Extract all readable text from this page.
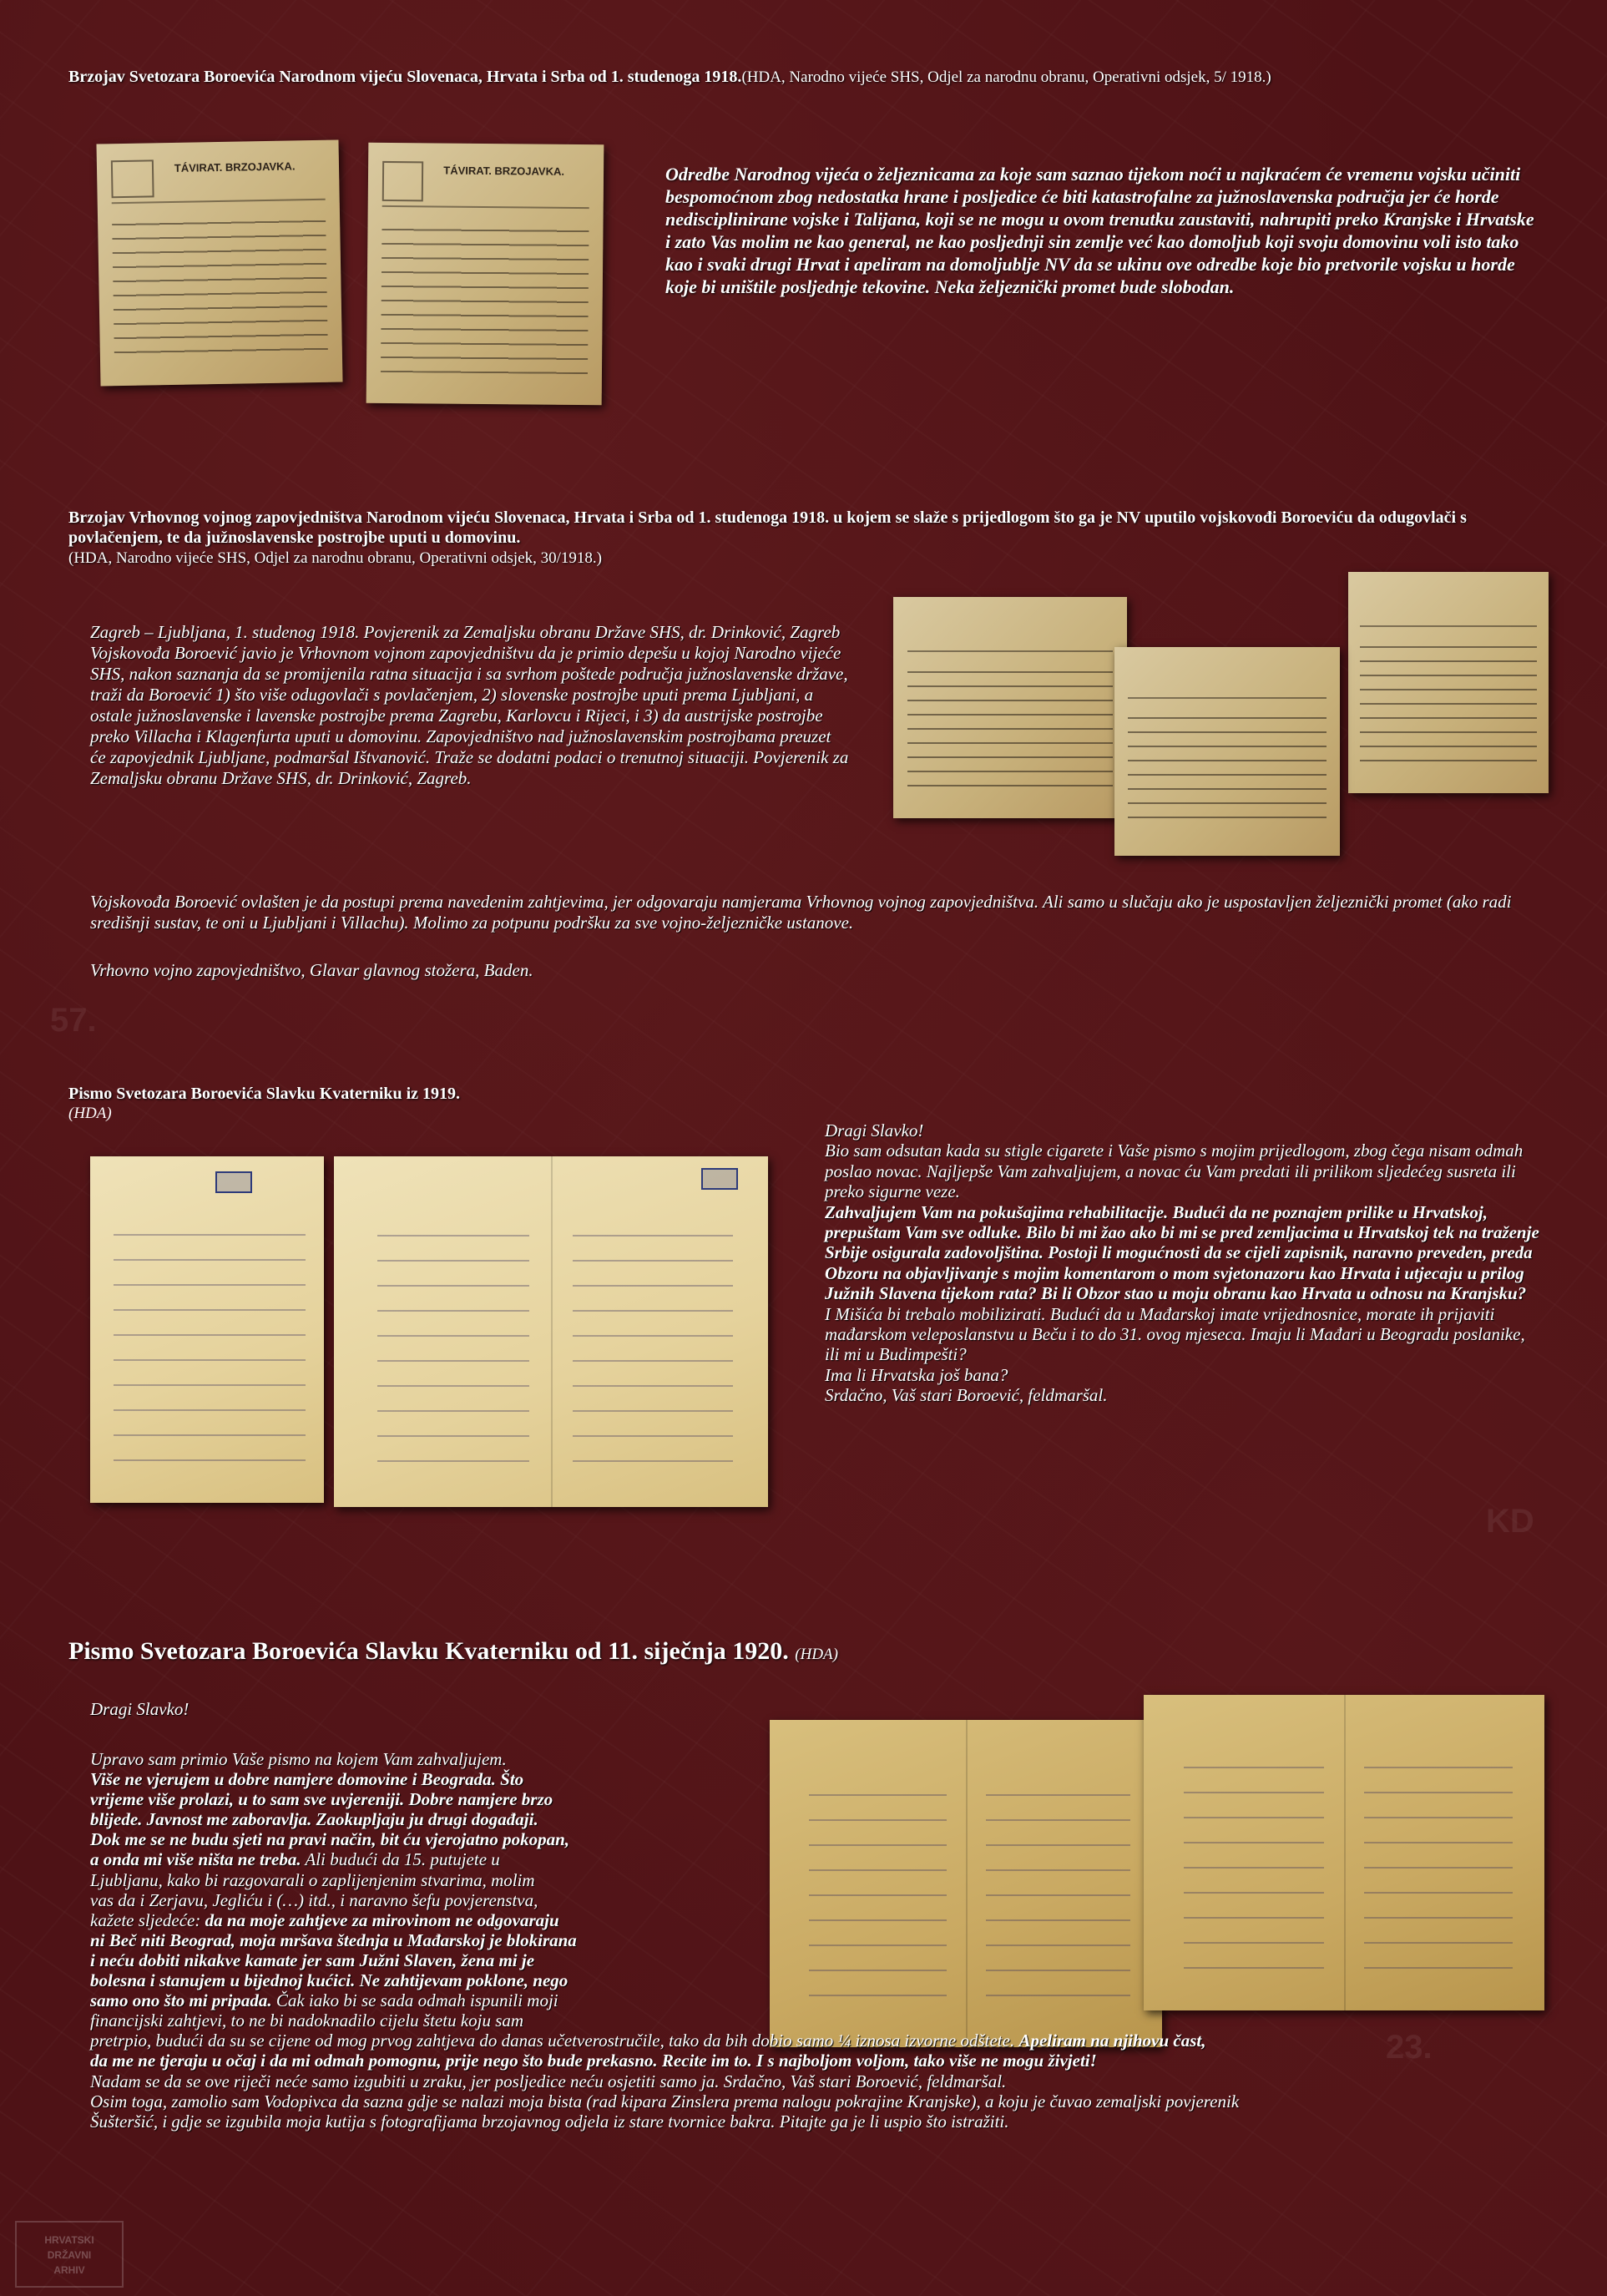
57.
KD
23.
Brzojav Svetozara Boroevića Narodnom vijeću Slovenaca, Hrvata i Srba od 1. studenoga 1918.(HDA, Narodno vijeće SHS, Odjel za narodnu obranu, Operativni odsjek, 5/ 1918.)
TÁVIRAT. BRZOJAVKA.	TÁVIRAT. BRZOJAVKA.	Odredbe Narodnog vijeća o željeznicama za koje sam saznao tijekom noći u najkraćem će vremenu vojsku učiniti bespomoćnom zbog nedostatka hrane i posljedice će biti katastrofalne za južnoslavenska područja jer će horde nedisciplinirane vojske i Talijana, koji se ne mogu u ovom trenutku zaustaviti, nahrupiti preko Kranjske i Hrvatske i zato Vas molim ne kao general, ne kao posljednji sin zemlje već kao domoljub koji svoju domovinu voli isto tako kao i svaki drugi Hrvat i apeliram na domoljublje NV da se ukinu ove odredbe koje bio pretvorile vojsku u horde koje bi uništile posljednje tekovine. Neka željeznički promet bude slobodan.
Brzojav Vrhovnog vojnog zapovjedništva Narodnom vijeću Slovenaca, Hrvata i Srba od 1. studenoga 1918. u kojem se slaže s prijedlogom što ga je NV uputilo vojskovođi Boroeviću da odugovlači s povlačenjem, te da južnoslavenske postrojbe uputi u domovinu.
(HDA, Narodno vijeće SHS, Odjel za narodnu obranu, Operativni odsjek, 30/1918.)
Zagreb – Ljubljana, 1. studenog 1918. Povjerenik za Zemaljsku obranu Države SHS, dr. Drinković, Zagreb Vojskovođa Boroević javio je Vrhovnom vojnom zapovjedništvu da je primio depešu u kojoj Narodno vijeće SHS, nakon saznanja da se promijenila ratna situacija i sa svrhom poštede područja južnoslavenske države, traži da Boroević 1) što više odugovlači s povlačenjem, 2) slovenske postrojbe uputi prema Ljubljani, a ostale južnoslavenske i lavenske postrojbe prema Zagrebu, Karlovcu i Rijeci, i 3) da austrijske postrojbe preko Villacha i Klagenfurta uputi u domovinu. Zapovjedništvo nad južnoslavenskim postrojbama preuzet će zapovjednik Ljubljane, podmaršal Ištvanović. Traže se dodatni podaci o trenutnoj situaciji. Povjerenik za Zemaljsku obranu Države SHS, dr. Drinković, Zagreb.
Vojskovođa Boroević ovlašten je da postupi prema navedenim zahtjevima, jer odgovaraju namjerama Vrhovnog vojnog zapovjedništva. Ali samo u slučaju ako je uspostavljen željeznički promet (ako radi središnji sustav, te oni u Ljubljani i Villachu). Molimo za potpunu podršku za sve vojno-željezničke ustanove.
Vrhovno vojno zapovjedništvo, Glavar glavnog stožera, Baden.
Pismo Svetozara Boroevića Slavku Kvaterniku iz 1919.
(HDA)

Dragi Slavko!

Bio sam odsutan kada su stigle cigarete i Vaše pismo s mojim prijedlogom, zbog čega nisam odmah poslao novac. Najljepše Vam zahvaljujem, a novac ću Vam predati ili prilikom sljedećeg susreta ili preko sigurne veze.

Zahvaljujem Vam na pokušajima rehabilitacije. Budući da ne poznajem prilike u Hrvatskoj, prepuštam Vam sve odluke. Bilo bi mi žao ako bi mi se pred zemljacima u Hrvatskoj tek na traženje Srbije osigurala zadovoljština. Postoji li mogućnosti da se cijeli zapisnik, naravno preveden, preda Obzoru na objavljivanje s mojim komentarom o mom svjetonazoru kao Hrvata i utjecaju u prilog Južnih Slavena tijekom rata? Bi li Obzor stao u moju obranu kao Hrvata u odnosu na Kranjsku?

I Mišića bi trebalo mobilizirati. Budući da u Mađarskoj imate vrijednosnice, morate ih prijaviti mađarskom veleposlanstvu u Beču i to do 31. ovog mjeseca. Imaju li Mađari u Beogradu poslanike, ili mi u Budimpešti?

Ima li Hrvatska još bana?

Srdačno, Vaš stari Boroević, feldmaršal.

Pismo Svetozara Boroevića Slavku Kvaterniku od 11. siječnja 1920. (HDA)
Dragi Slavko!

Upravo sam primio Vaše pismo na kojem Vam zahvaljujem.

Više ne vjerujem u dobre namjere domovine i Beograda. Što

vrijeme više prolazi, u to sam sve uvjereniji. Dobre namjere brzo

blijede. Javnost me zaboravlja. Zaokupljaju ju drugi događaji.

Dok me se ne budu sjeti na pravi način, bit ću vjerojatno pokopan,

a onda mi više ništa ne treba. Ali budući da 15. putujete u

Ljubljanu, kako bi razgovarali o zaplijenjenim stvarima, molim

vas da i Zerjavu, Jegliću i (…) itd., i naravno šefu povjerenstva,

kažete sljedeće: da na moje zahtjeve za mirovinom ne odgovaraju

ni Beč niti Beograd, moja mršava štednja u Mađarskoj je blokirana

i neću dobiti nikakve kamate jer sam Južni Slaven, žena mi je

bolesna i stanujem u bijednoj kućici. Ne zahtijevam poklone, nego

samo ono što mi pripada. Čak iako bi se sada odmah ispunili moji

financijski zahtjevi, to ne bi nadoknadilo cijelu štetu koju sam

pretrpio, budući da su se cijene od mog prvog zahtjeva do danas učetverostručile, tako da bih dobio samo ¼ iznosa izvorne odštete. Apeliram na njihovu čast,

da me ne tjeraju u očaj i da mi odmah pomognu, prije nego što bude prekasno. Recite im to. I s najboljom voljom, tako više ne mogu živjeti!

Nadam se da se ove riječi neće samo izgubiti u zraku, jer posljedice neću osjetiti samo ja. Srdačno, Vaš stari Boroević, feldmaršal.

Osim toga, zamolio sam Vodopivca da sazna gdje se nalazi moja bista (rad kipara Zinslera prema nalogu pokrajine Kranjske), a koju je čuvao zemaljski povjerenik

Šušteršić, i gdje se izgubila moja kutija s fotografijama brzojavnog odjela iz stare tvornice bakra. Pitajte ga je li uspio što istražiti.

HRVATSKI
DRŽAVNI
ARHIV
